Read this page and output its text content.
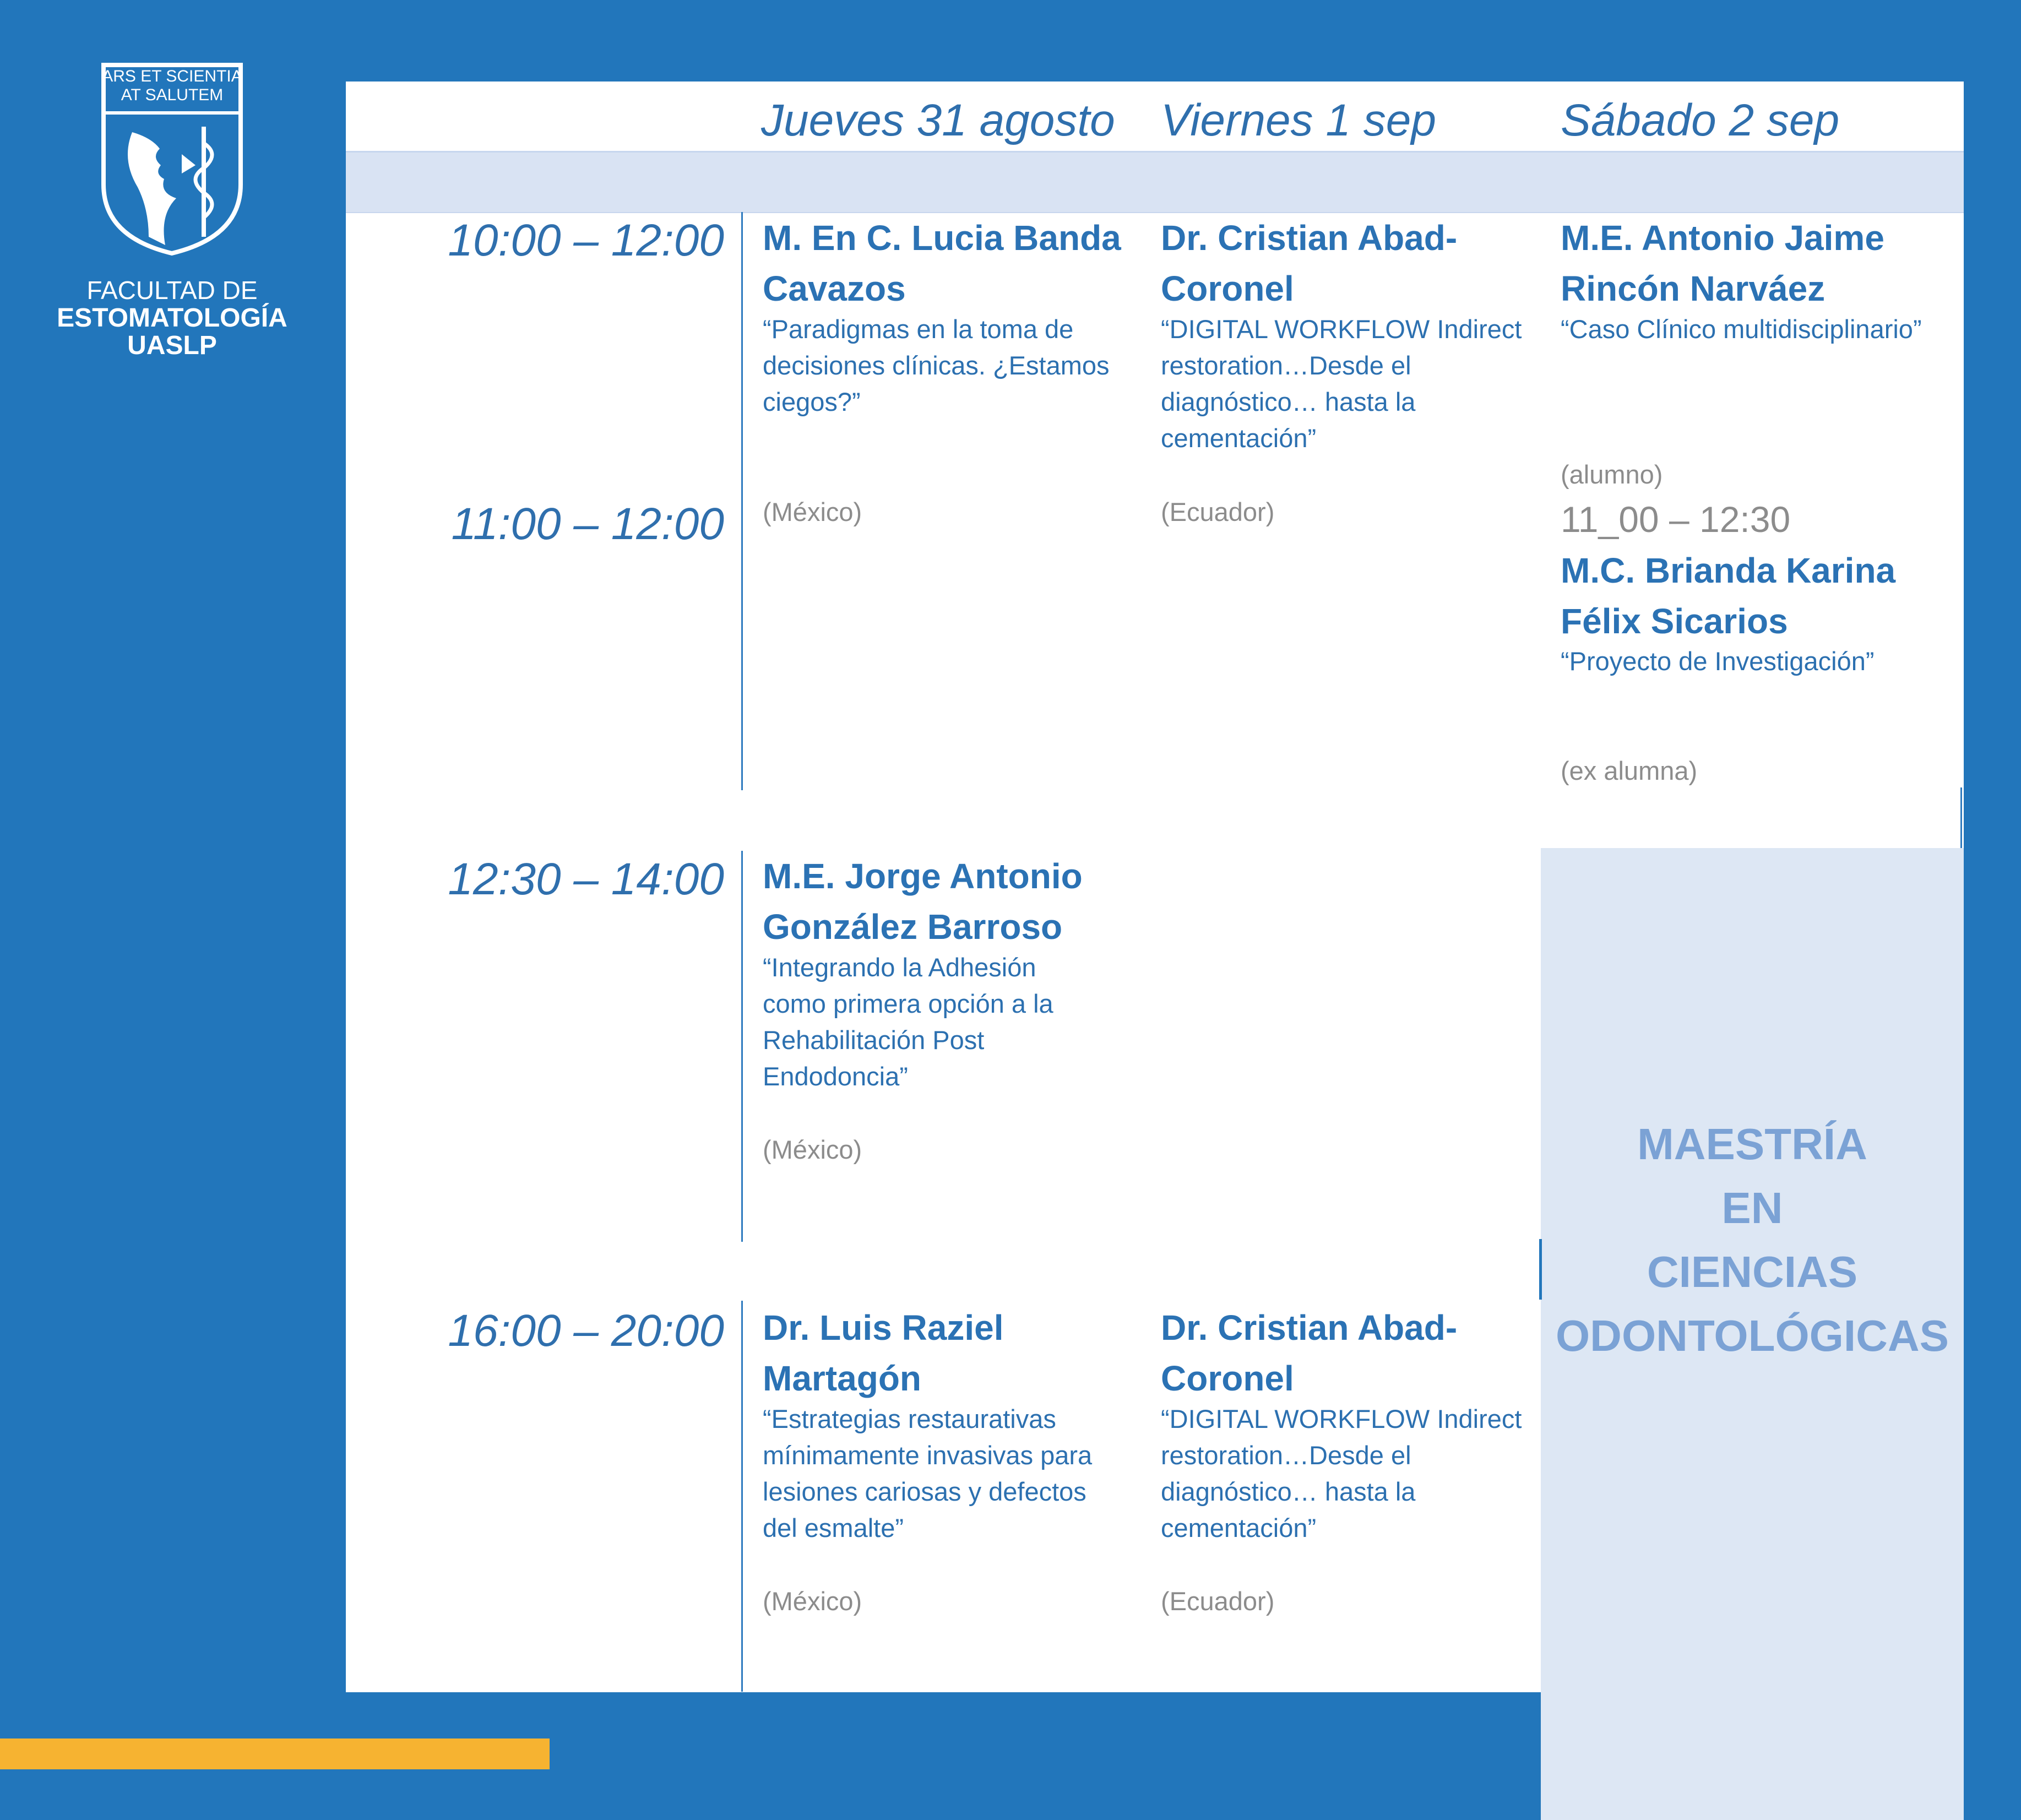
ARS ET SCIENTIA
AT SALUTEM
FACULTAD DE
ESTOMATOLOGÍA
UASLP
Jueves 31 agosto Viernes 1 sep	Sábado 2 sep
10:00 – 12:00
11:00 – 12:00
12:30 – 14:00
16:00 – 20:00
M. En C. Lucia Banda Cavazos
“Paradigmas en la toma de decisiones clínicas. ¿Estamos ciegos?”
(México)
Dr. Cristian Abad-Coronel
“DIGITAL WORKFLOW Indirect restoration…Desde el diagnóstico… hasta la cementación”
(Ecuador)
M.E. Antonio Jaime Rincón Narváez
“Caso Clínico multidisciplinario”
(alumno)
11_00 – 12:30
M.C. Brianda Karina Félix Sicarios
“Proyecto de Investigación”
(ex alumna)
M.E. Jorge Antonio González Barroso
“Integrando la Adhesión como primera opción a la Rehabilitación Post Endodoncia”
(México)	MAESTRÍA
EN
CIENCIAS
ODONTOLÓGICAS
Dr. Luis Raziel Martagón
“Estrategias restaurativas mínimamente invasivas para lesiones cariosas y defectos del esmalte”
(México)
Dr. Cristian Abad-Coronel
“DIGITAL WORKFLOW Indirect restoration…Desde el diagnóstico… hasta la cementación”
(Ecuador)
